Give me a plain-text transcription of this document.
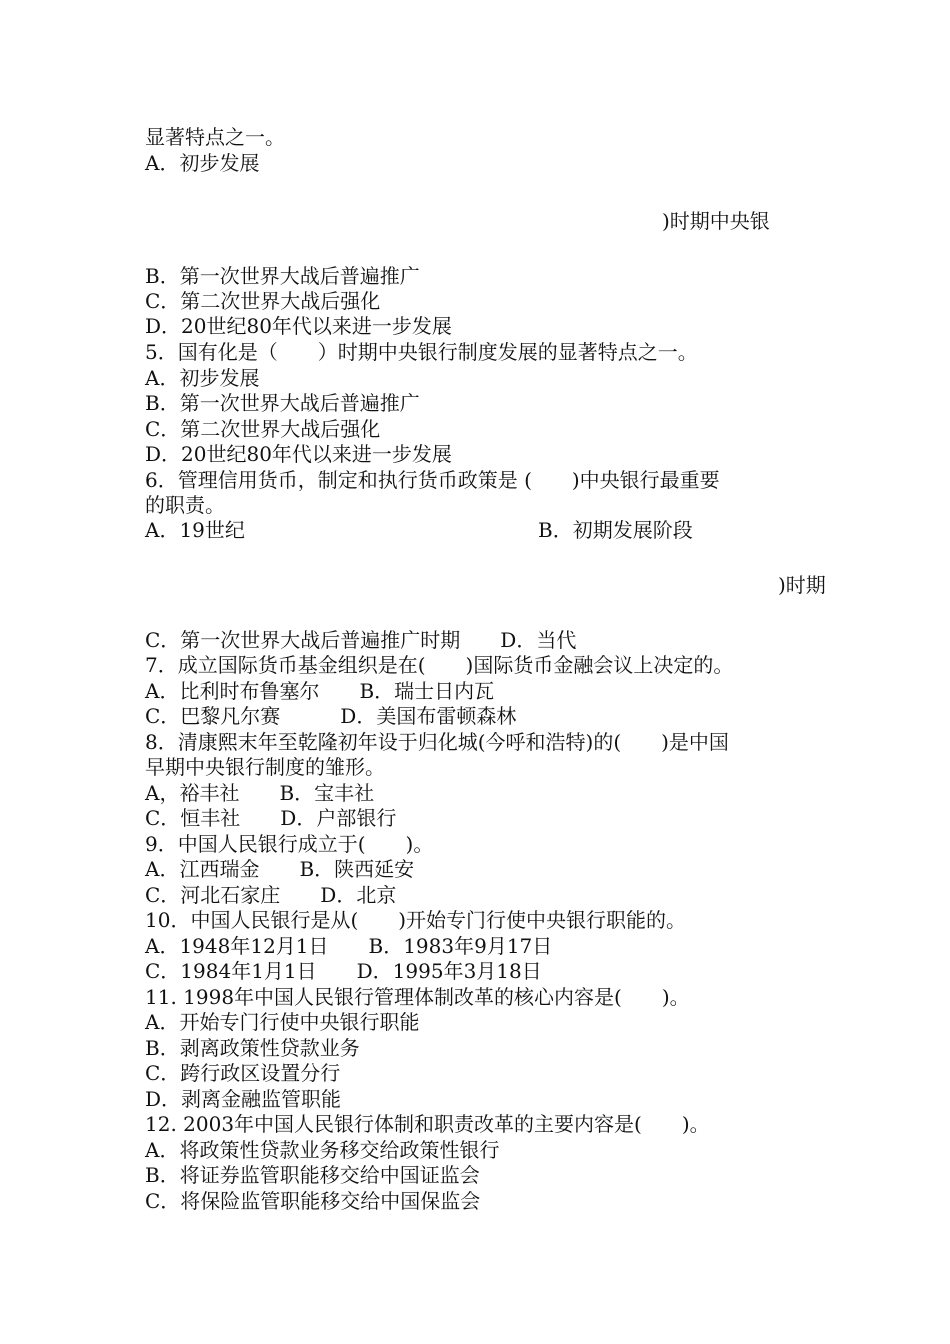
显著特点之一。

A．初步发展

)时期中央银

B．第一次世界大战后普遍推广

C．第二次世界大战后强化

D．20世纪80年代以来进一步发展

5．国有化是（　　）时期中央银行制度发展的显著特点之一。

A．初步发展

B．第一次世界大战后普遍推广

C．第二次世界大战后强化

D．20世纪80年代以来进一步发展

6．管理信用货币，制定和执行货币政策是 (　　)中央银行最重要

的职责。

A．19世纪	B．初期发展阶段

)时期

C．第一次世界大战后普遍推广时期　　D．当代

7．成立国际货币基金组织是在(　　)国际货币金融会议上决定的。

A．比利时布鲁塞尔　　B．瑞士日内瓦

C．巴黎凡尔赛　　　D．美国布雷顿森林

8．清康熙末年至乾隆初年设于归化城(今呼和浩特)的(　　)是中国

早期中央银行制度的雏形。

A，裕丰社　　B．宝丰社

C．恒丰社　　D．户部银行

9．中国人民银行成立于(　　)。

A．江西瑞金　　B．陕西延安

C．河北石家庄　　D．北京

10．中国人民银行是从(　　)开始专门行使中央银行职能的。

A．1948年12月1日　　B．1983年9月17日

C．1984年1月1日　　D．1995年3月18日

11. 1998年中国人民银行管理体制改革的核心内容是(　　)。

A．开始专门行使中央银行职能

B．剥离政策性贷款业务

C．跨行政区设置分行

D．剥离金融监管职能

12. 2003年中国人民银行体制和职责改革的主要内容是(　　)。

A．将政策性贷款业务移交给政策性银行

B．将证券监管职能移交给中国证监会

C．将保险监管职能移交给中国保监会
